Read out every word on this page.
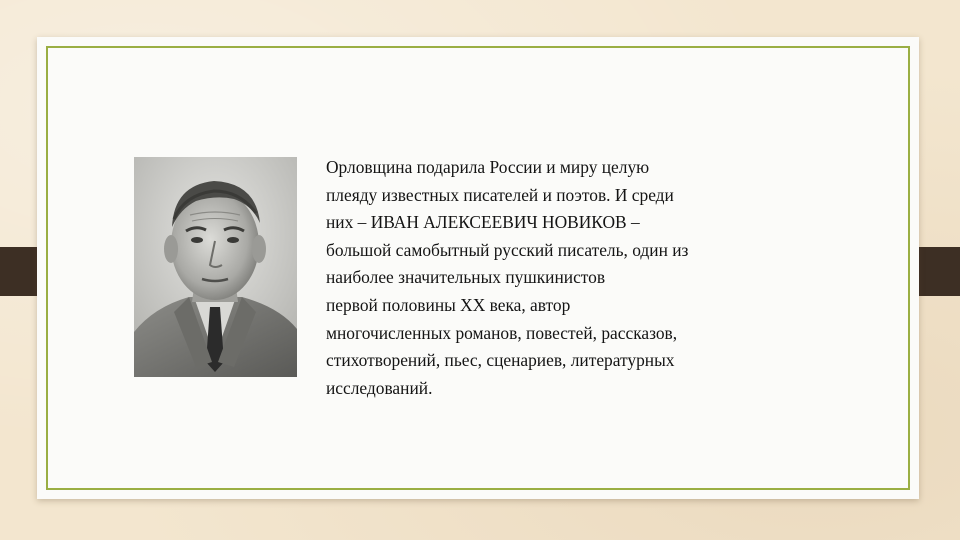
Орловщина подарила России и миру целую
плеяду известных писателей и поэтов. И среди
них – ИВАН АЛЕКСЕЕВИЧ НОВИКОВ –
большой самобытный русский писатель, один из
наиболее значительных пушкинистов
первой половины XX века, автор
многочисленных романов, повестей, рассказов,
стихотворений, пьес, сценариев, литературных
исследований.
